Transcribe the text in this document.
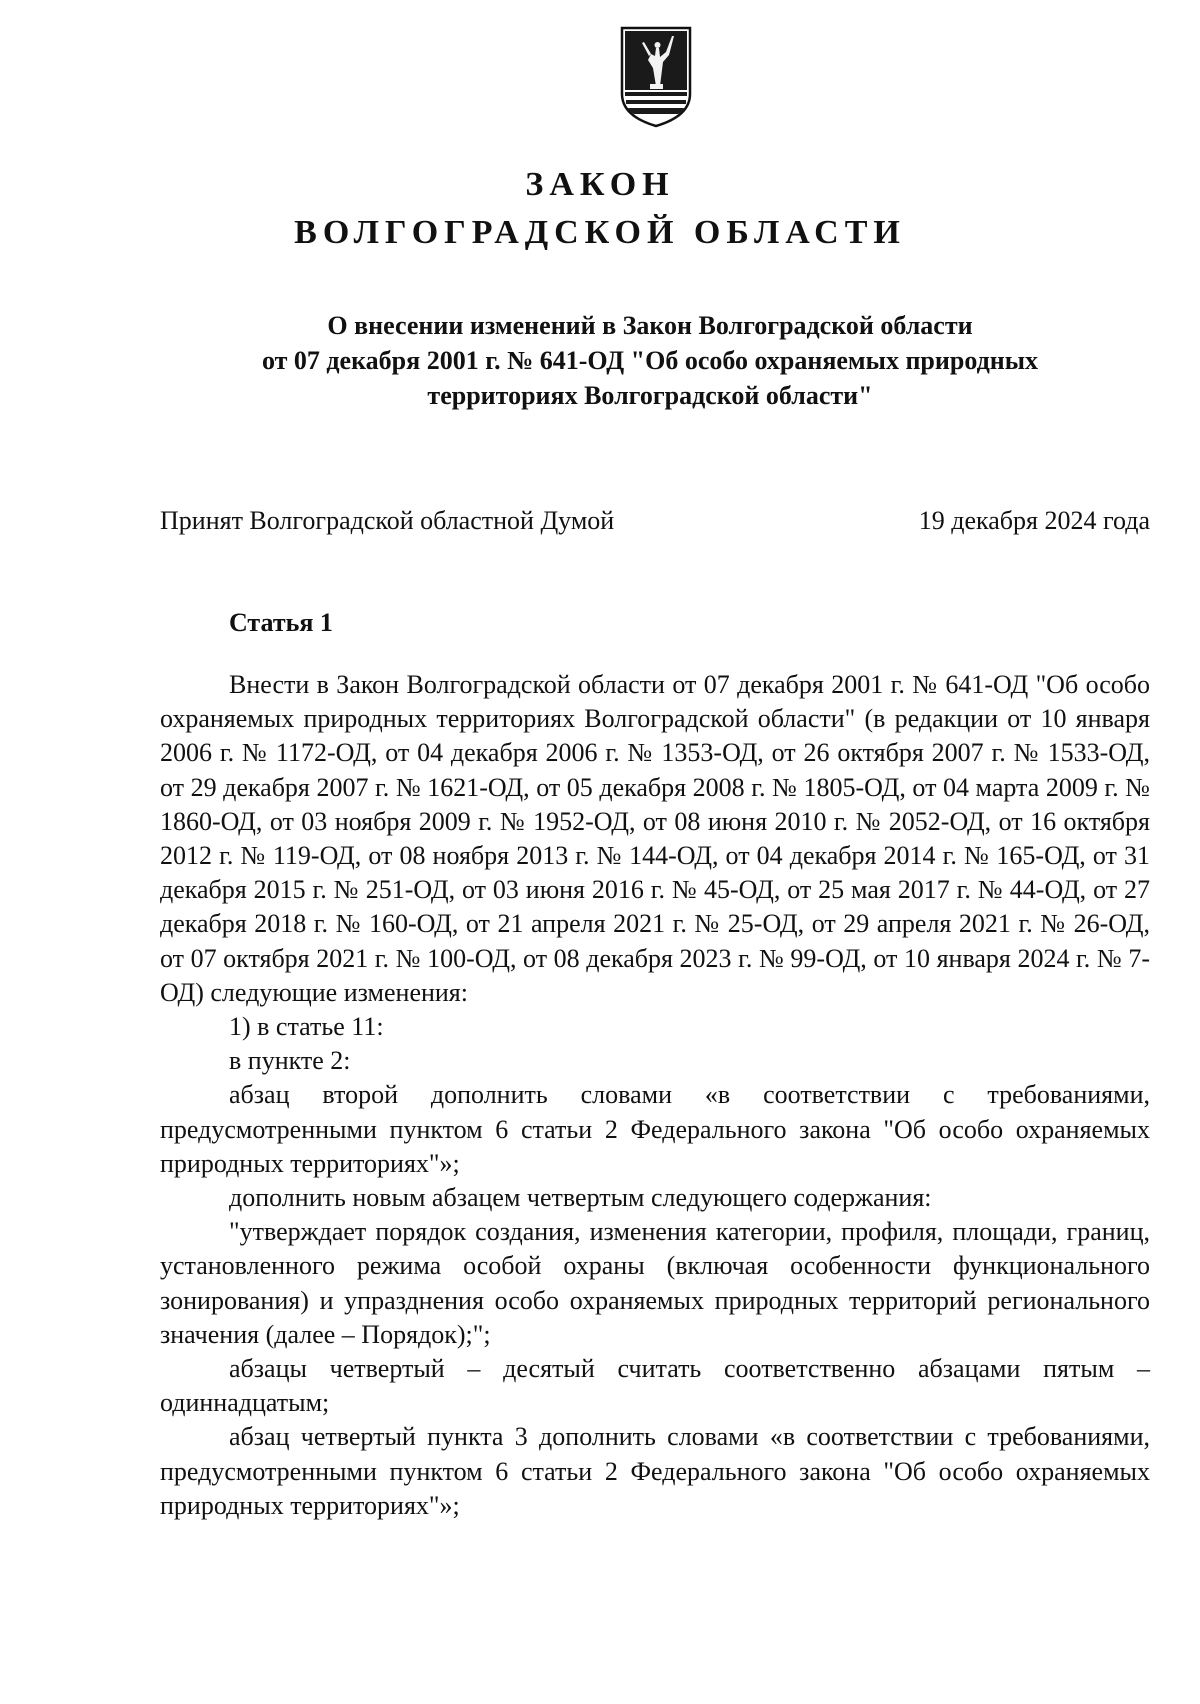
ЗАКОН
ВОЛГОГРАДСКОЙ ОБЛАСТИ
О внесении изменений в Закон Волгоградской области
от 07 декабря 2001 г. № 641-ОД "Об особо охраняемых природных
территориях Волгоградской области"
Принят Волгоградской областной Думой	19 декабря 2024 года
Статья 1

Внести в Закон Волгоградской области от 07 декабря 2001 г. № 641-ОД "Об особо охраняемых природных территориях Волгоградской области" (в редакции от 10 января 2006 г. № 1172-ОД, от 04 декабря 2006 г. № 1353-ОД, от 26 октября 2007 г. № 1533-ОД, от 29 декабря 2007 г. № 1621-ОД, от 05 декабря 2008 г. № 1805-ОД, от 04 марта 2009 г. № 1860-ОД, от 03 ноября 2009 г. № 1952-ОД, от 08 июня 2010 г. № 2052-ОД, от 16 октября 2012 г. № 119-ОД, от 08 ноября 2013 г. № 144-ОД, от 04 декабря 2014 г. № 165-ОД, от 31 декабря 2015 г. № 251-ОД, от 03 июня 2016 г. № 45-ОД, от 25 мая 2017 г. № 44-ОД, от 27 декабря 2018 г. № 160-ОД, от 21 апреля 2021 г. № 25-ОД, от 29 апреля 2021 г. № 26-ОД, от 07 октября 2021 г. № 100-ОД, от 08 декабря 2023 г. № 99-ОД, от 10 января 2024 г. № 7-ОД) следующие изменения:

1) в статье 11:

в пункте 2:

абзац второй дополнить словами «в соответствии с требованиями, предусмотренными пунктом 6 статьи 2 Федерального закона "Об особо охраняемых природных территориях"»;

дополнить новым абзацем четвертым следующего содержания:

"утверждает порядок создания, изменения категории, профиля, площади, границ, установленного режима особой охраны (включая особенности функционального зонирования) и упразднения особо охраняемых природных территорий регионального значения (далее – Порядок);";

абзацы четвертый – десятый считать соответственно абзацами пятым – одиннадцатым;

абзац четвертый пункта 3 дополнить словами «в соответствии с требованиями, предусмотренными пунктом 6 статьи 2 Федерального закона "Об особо охраняемых природных территориях"»;
